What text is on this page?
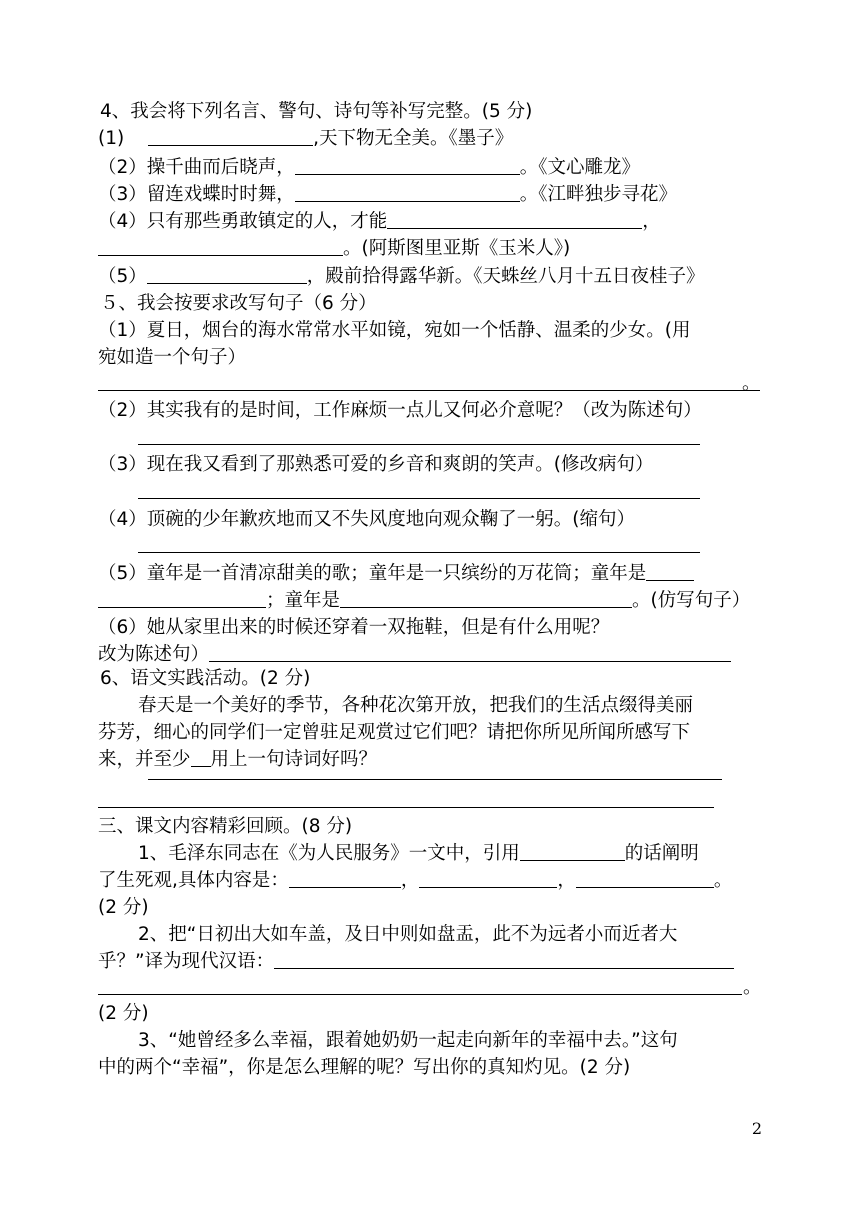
4、我会将下列名言、警句、诗句等补写完整。(5 分)
(1)	,天下物无全美。《墨子》
（2）操千曲而后晓声，	。《文心雕龙》
（3）留连戏蝶时时舞，	。《江畔独步寻花》
（4）只有那些勇敢镇定的人，才能	，
。(阿斯图里亚斯《玉米人》)
（5）	，殿前拾得露华新。《天蛛丝八月十五日夜桂子》
５、我会按要求改写句子（6 分）
（1）夏日，烟台的海水常常水平如镜，宛如一个恬静、温柔的少女。(用
宛如造一个句子）
。
（2）其实我有的是时间，工作麻烦一点儿又何必介意呢？（改为陈述句）
（3）现在我又看到了那熟悉可爱的乡音和爽朗的笑声。(修改病句）
（4）顶碗的少年歉疚地而又不失风度地向观众鞠了一躬。(缩句）
（5）童年是一首清凉甜美的歌；童年是一只缤纷的万花筒；童年是
；童年是	。(仿写句子）
（6）她从家里出来的时候还穿着一双拖鞋，但是有什么用呢？
改为陈述句）
6、语文实践活动。(2 分)
春天是一个美好的季节，各种花次第开放，把我们的生活点缀得美丽
芬芳，细心的同学们一定曾驻足观赏过它们吧？请把你所见所闻所感写下
来，并至少 用上一句诗词好吗？
三、课文内容精彩回顾。(8 分)
1、毛泽东同志在《为人民服务》一文中，引用	的话阐明
了生死观,具体内容是：	，	，	。
(2 分)
2、把“日初出大如车盖，及日中则如盘盂，此不为远者小而近者大
乎？”译为现代汉语：
。
(2 分)
3、“她曾经多么幸福，跟着她奶奶一起走向新年的幸福中去。”这句
中的两个“幸福”，你是怎么理解的呢？写出你的真知灼见。(2 分)
2
